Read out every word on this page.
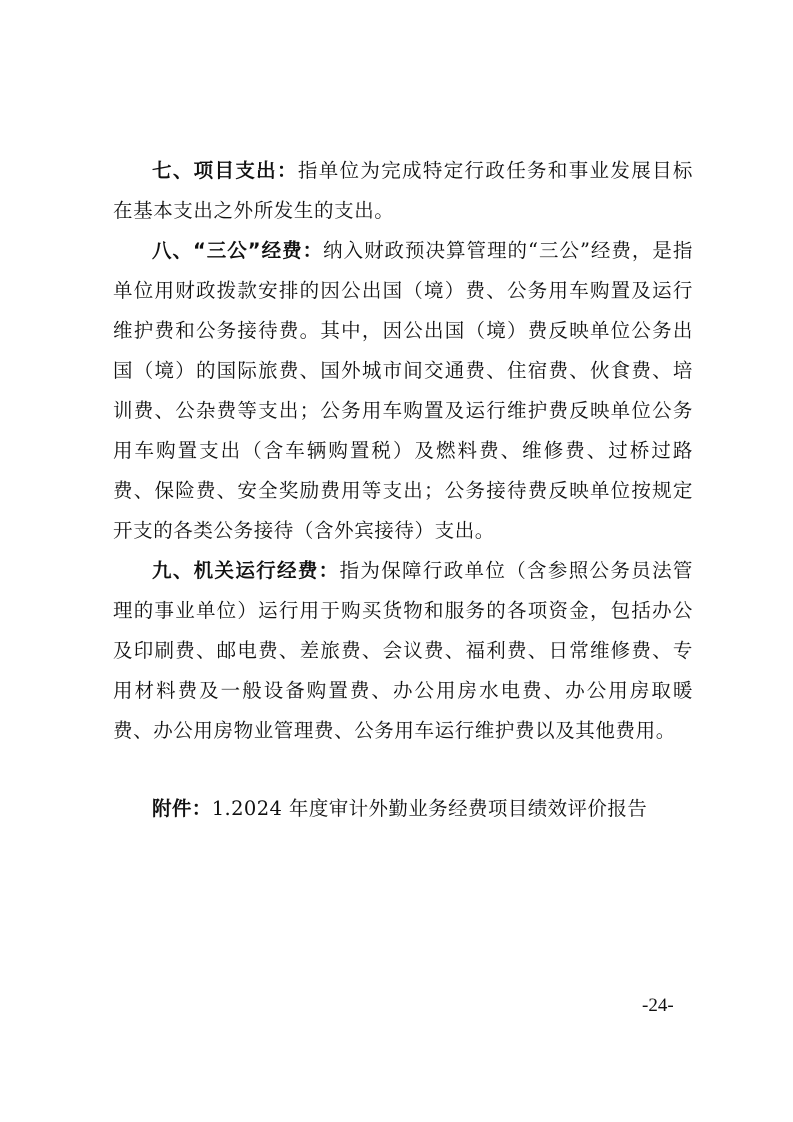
七、项目支出：指单位为完成特定行政任务和事业发展目标在基本支出之外所发生的支出。

八、“三公”经费：纳入财政预决算管理的“三公”经费，是指单位用财政拨款安排的因公出国（境）费、公务用车购置及运行维护费和公务接待费。其中，因公出国（境）费反映单位公务出国（境）的国际旅费、国外城市间交通费、住宿费、伙食费、培训费、公杂费等支出；公务用车购置及运行维护费反映单位公务用车购置支出（含车辆购置税）及燃料费、维修费、过桥过路费、保险费、安全奖励费用等支出；公务接待费反映单位按规定开支的各类公务接待（含外宾接待）支出。

九、机关运行经费：指为保障行政单位（含参照公务员法管理的事业单位）运行用于购买货物和服务的各项资金，包括办公及印刷费、邮电费、差旅费、会议费、福利费、日常维修费、专用材料费及一般设备购置费、办公用房水电费、办公用房取暖费、办公用房物业管理费、公务用车运行维护费以及其他费用。

附件：1.2024 年度审计外勤业务经费项目绩效评价报告
-24-
